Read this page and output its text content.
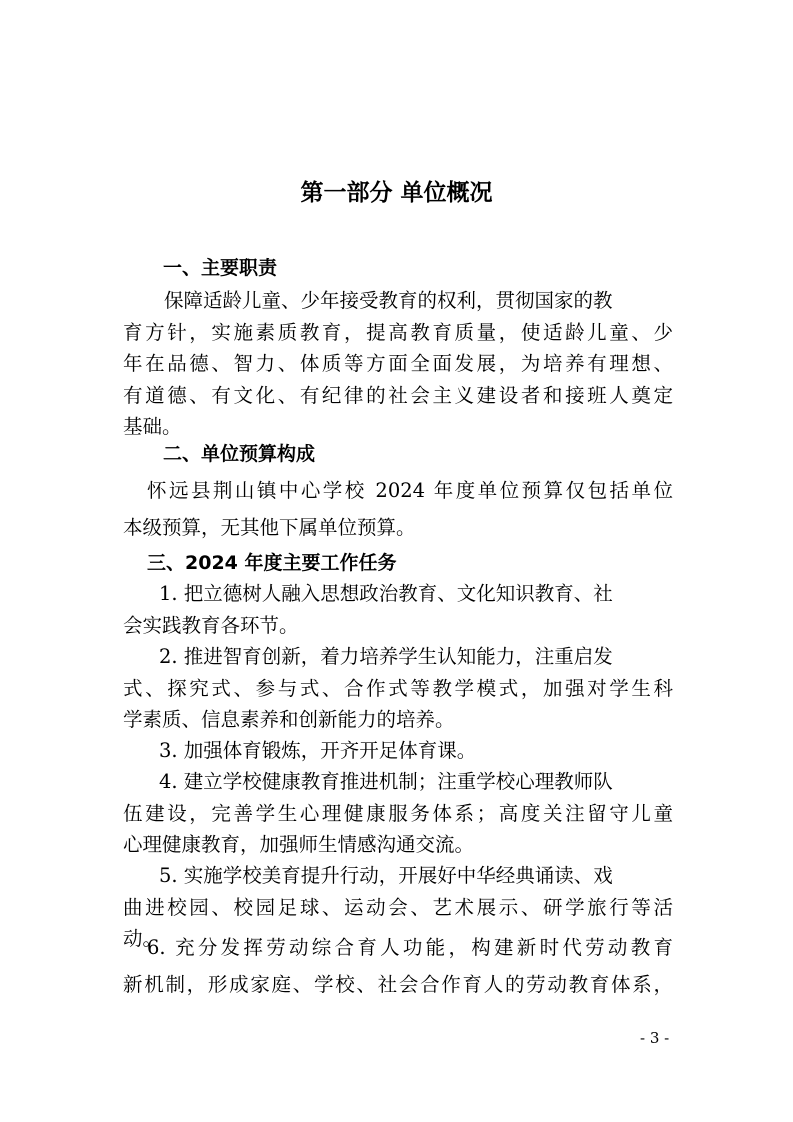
第一部分 单位概况
一、主要职责
保障适龄儿童、少年接受教育的权利，贯彻国家的教
育方针，实施素质教育，提高教育质量，使适龄儿童、少
年在品德、智力、体质等方面全面发展，为培养有理想、
有道德、有文化、有纪律的社会主义建设者和接班人奠定
基础。
二、单位预算构成
怀远县荆山镇中心学校 2024 年度单位预算仅包括单位
本级预算，无其他下属单位预算。
三、2024 年度主要工作任务
1. 把立德树人融入思想政治教育、文化知识教育、社
会实践教育各环节。
2. 推进智育创新，着力培养学生认知能力，注重启发
式、探究式、参与式、合作式等教学模式，加强对学生科
学素质、信息素养和创新能力的培养。
3. 加强体育锻炼，开齐开足体育课。
4. 建立学校健康教育推进机制；注重学校心理教师队
伍建设，完善学生心理健康服务体系；高度关注留守儿童
心理健康教育，加强师生情感沟通交流。
5. 实施学校美育提升行动，开展好中华经典诵读、戏
曲进校园、校园足球、运动会、艺术展示、研学旅行等活
动。
6. 充分发挥劳动综合育人功能，构建新时代劳动教育
新机制，形成家庭、学校、社会合作育人的劳动教育体系，
- 3 -
